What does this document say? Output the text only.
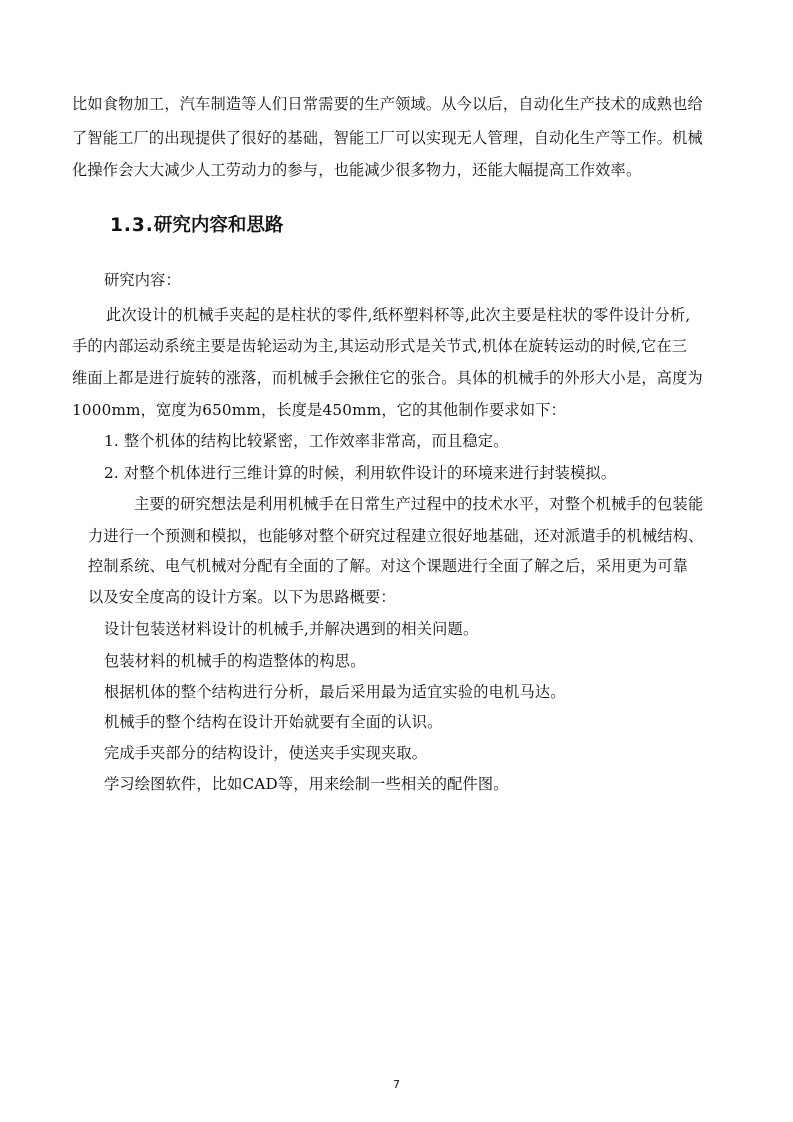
比如食物加工，汽车制造等人们日常需要的生产领域。从今以后，自动化生产技术的成熟也给
了智能工厂的出现提供了很好的基础，智能工厂可以实现无人管理，自动化生产等工作。机械
化操作会大大减少人工劳动力的参与，也能减少很多物力，还能大幅提高工作效率。
1.3.研究内容和思路
研究内容：
此次设计的机械手夹起的是柱状的零件,纸杯塑料杯等,此次主要是柱状的零件设计分析,
手的内部运动系统主要是齿轮运动为主,其运动形式是关节式,机体在旋转运动的时候,它在三
维面上都是进行旋转的涨落，而机械手会揪住它的张合。具体的机械手的外形大小是，高度为
1000mm，宽度为650mm，长度是450mm，它的其他制作要求如下：
1. 整个机体的结构比较紧密，工作效率非常高，而且稳定。
2. 对整个机体进行三维计算的时候，利用软件设计的环境来进行封装模拟。
主要的研究想法是利用机械手在日常生产过程中的技术水平，对整个机械手的包装能
力进行一个预测和模拟，也能够对整个研究过程建立很好地基础，还对派遣手的机械结构、
控制系统、电气机械对分配有全面的了解。对这个课题进行全面了解之后，采用更为可靠
以及安全度高的设计方案。以下为思路概要：
设计包装送材料设计的机械手,并解决遇到的相关问题。
包装材料的机械手的构造整体的构思。
根据机体的整个结构进行分析，最后采用最为适宜实验的电机马达。
机械手的整个结构在设计开始就要有全面的认识。
完成手夹部分的结构设计，使送夹手实现夹取。
学习绘图软件，比如CAD等，用来绘制一些相关的配件图。
7
